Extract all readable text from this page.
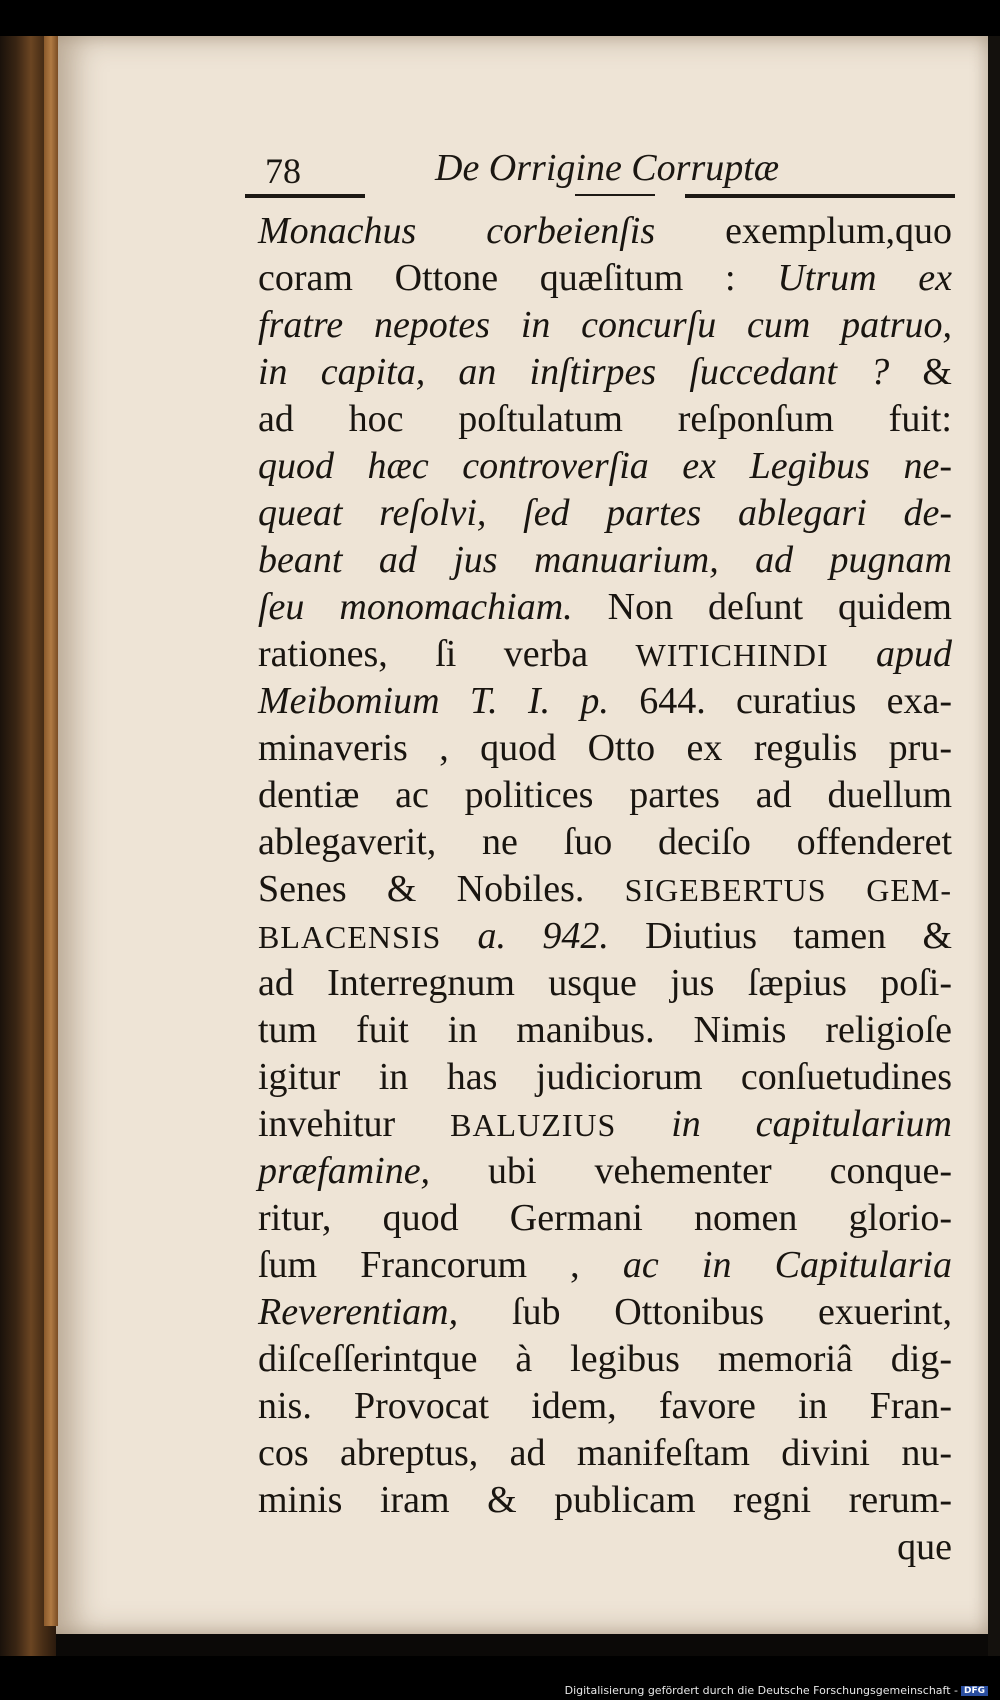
78	De Orrigine Corruptæ
Monachus corbeienſis exemplum,quo
coram Ottone quæſitum : Utrum ex
fratre nepotes in concurſu cum patruo,
in capita, an inſtirpes ſuccedant ? &
ad hoc poſtulatum reſponſum fuit:
quod hæc controverſia ex Legibus ne-
queat reſolvi, ſed partes ablegari de-
beant ad jus manuarium, ad pugnam
ſeu monomachiam. Non deſunt quidem
rationes, ſi verba WITICHINDI apud
Meibomium T. I. p. 644. curatius exa-
minaveris , quod Otto ex regulis pru-
dentiæ ac politices partes ad duellum
ablegaverit, ne ſuo deciſo offenderet
Senes & Nobiles. SIGEBERTUS GEM-
BLACENSIS a. 942. Diutius tamen &
ad Interregnum usque jus ſæpius poſi-
tum fuit in manibus. Nimis religioſe
igitur in has judiciorum conſuetudines
invehitur BALUZIUS in capitularium
præfamine, ubi vehementer conque-
ritur, quod Germani nomen glorio-
ſum Francorum , ac in Capitularia
Reverentiam, ſub Ottonibus exuerint,
diſceſſerintque à legibus memoriâ dig-
nis. Provocat idem, favore in Fran-
cos abreptus, ad manifeſtam divini nu-
minis iram & publicam regni rerum-
que
Digitalisierung gefördert durch die Deutsche Forschungsgemeinschaft - DFG
